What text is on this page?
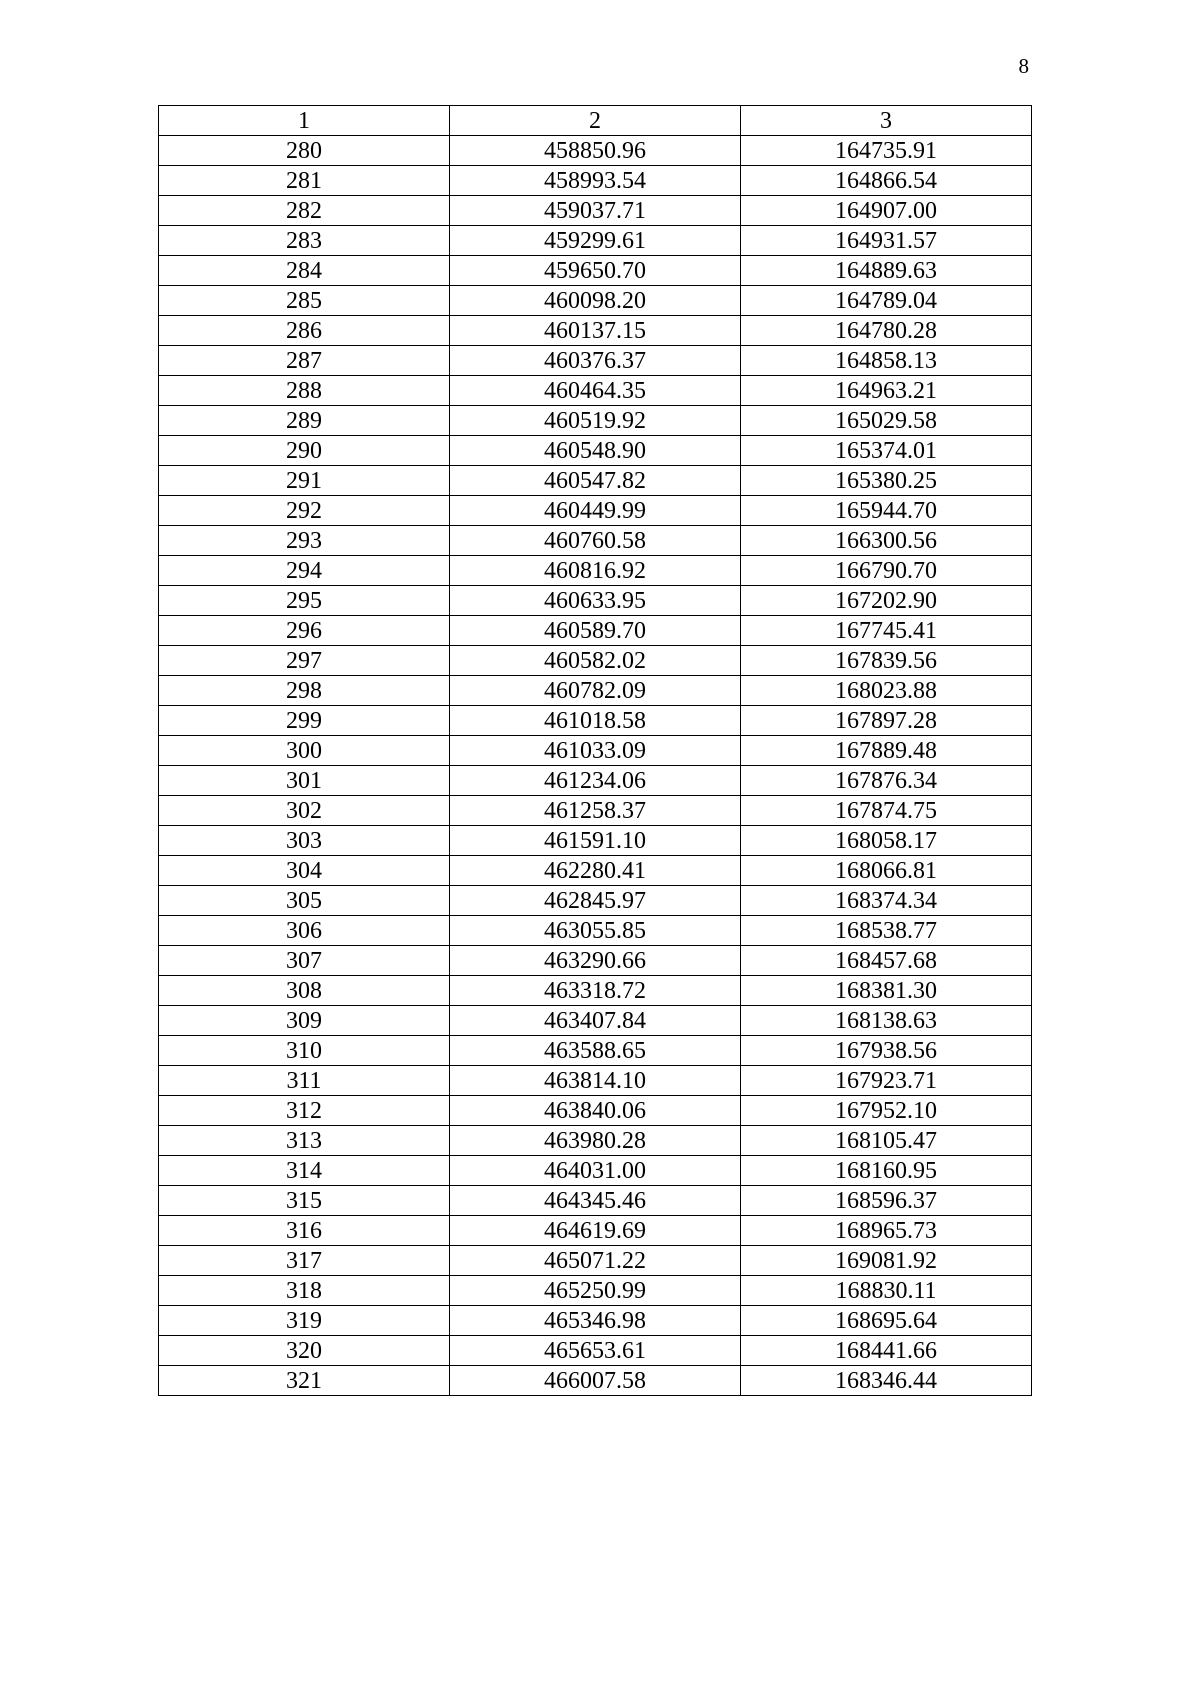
8
1	2	3
280	458850.96	164735.91
281	458993.54	164866.54
282	459037.71	164907.00
283	459299.61	164931.57
284	459650.70	164889.63
285	460098.20	164789.04
286	460137.15	164780.28
287	460376.37	164858.13
288	460464.35	164963.21
289	460519.92	165029.58
290	460548.90	165374.01
291	460547.82	165380.25
292	460449.99	165944.70
293	460760.58	166300.56
294	460816.92	166790.70
295	460633.95	167202.90
296	460589.70	167745.41
297	460582.02	167839.56
298	460782.09	168023.88
299	461018.58	167897.28
300	461033.09	167889.48
301	461234.06	167876.34
302	461258.37	167874.75
303	461591.10	168058.17
304	462280.41	168066.81
305	462845.97	168374.34
306	463055.85	168538.77
307	463290.66	168457.68
308	463318.72	168381.30
309	463407.84	168138.63
310	463588.65	167938.56
311	463814.10	167923.71
312	463840.06	167952.10
313	463980.28	168105.47
314	464031.00	168160.95
315	464345.46	168596.37
316	464619.69	168965.73
317	465071.22	169081.92
318	465250.99	168830.11
319	465346.98	168695.64
320	465653.61	168441.66
321	466007.58	168346.44
